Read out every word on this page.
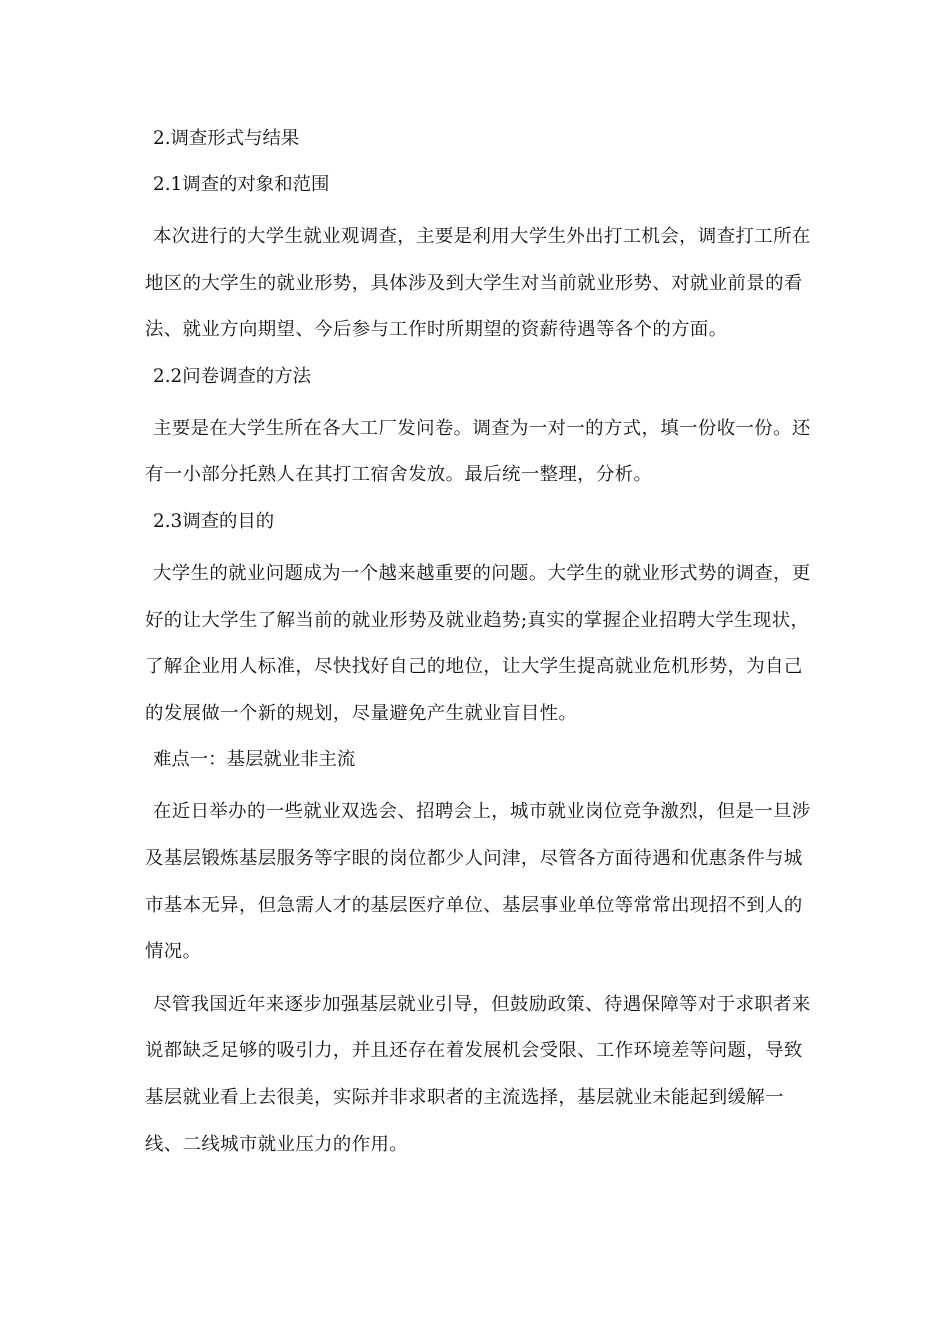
2.调查形式与结果

2.1调查的对象和范围

本次进行的大学生就业观调查，主要是利用大学生外出打工机会，调查打工所在地区的大学生的就业形势，具体涉及到大学生对当前就业形势、对就业前景的看法、就业方向期望、今后参与工作时所期望的资薪待遇等各个的方面。

2.2问卷调查的方法

主要是在大学生所在各大工厂发问卷。调查为一对一的方式，填一份收一份。还有一小部分托熟人在其打工宿舍发放。最后统一整理，分析。

2.3调查的目的

大学生的就业问题成为一个越来越重要的问题。大学生的就业形式势的调查，更好的让大学生了解当前的就业形势及就业趋势;真实的掌握企业招聘大学生现状，了解企业用人标准，尽快找好自己的地位，让大学生提高就业危机形势，为自己的发展做一个新的规划，尽量避免产生就业盲目性。

难点一：基层就业非主流

在近日举办的一些就业双选会、招聘会上，城市就业岗位竞争激烈，但是一旦涉及基层锻炼基层服务等字眼的岗位都少人问津，尽管各方面待遇和优惠条件与城市基本无异，但急需人才的基层医疗单位、基层事业单位等常常出现招不到人的情况。

尽管我国近年来逐步加强基层就业引导，但鼓励政策、待遇保障等对于求职者来说都缺乏足够的吸引力，并且还存在着发展机会受限、工作环境差等问题，导致基层就业看上去很美，实际并非求职者的主流选择，基层就业未能起到缓解一线、二线城市就业压力的作用。
